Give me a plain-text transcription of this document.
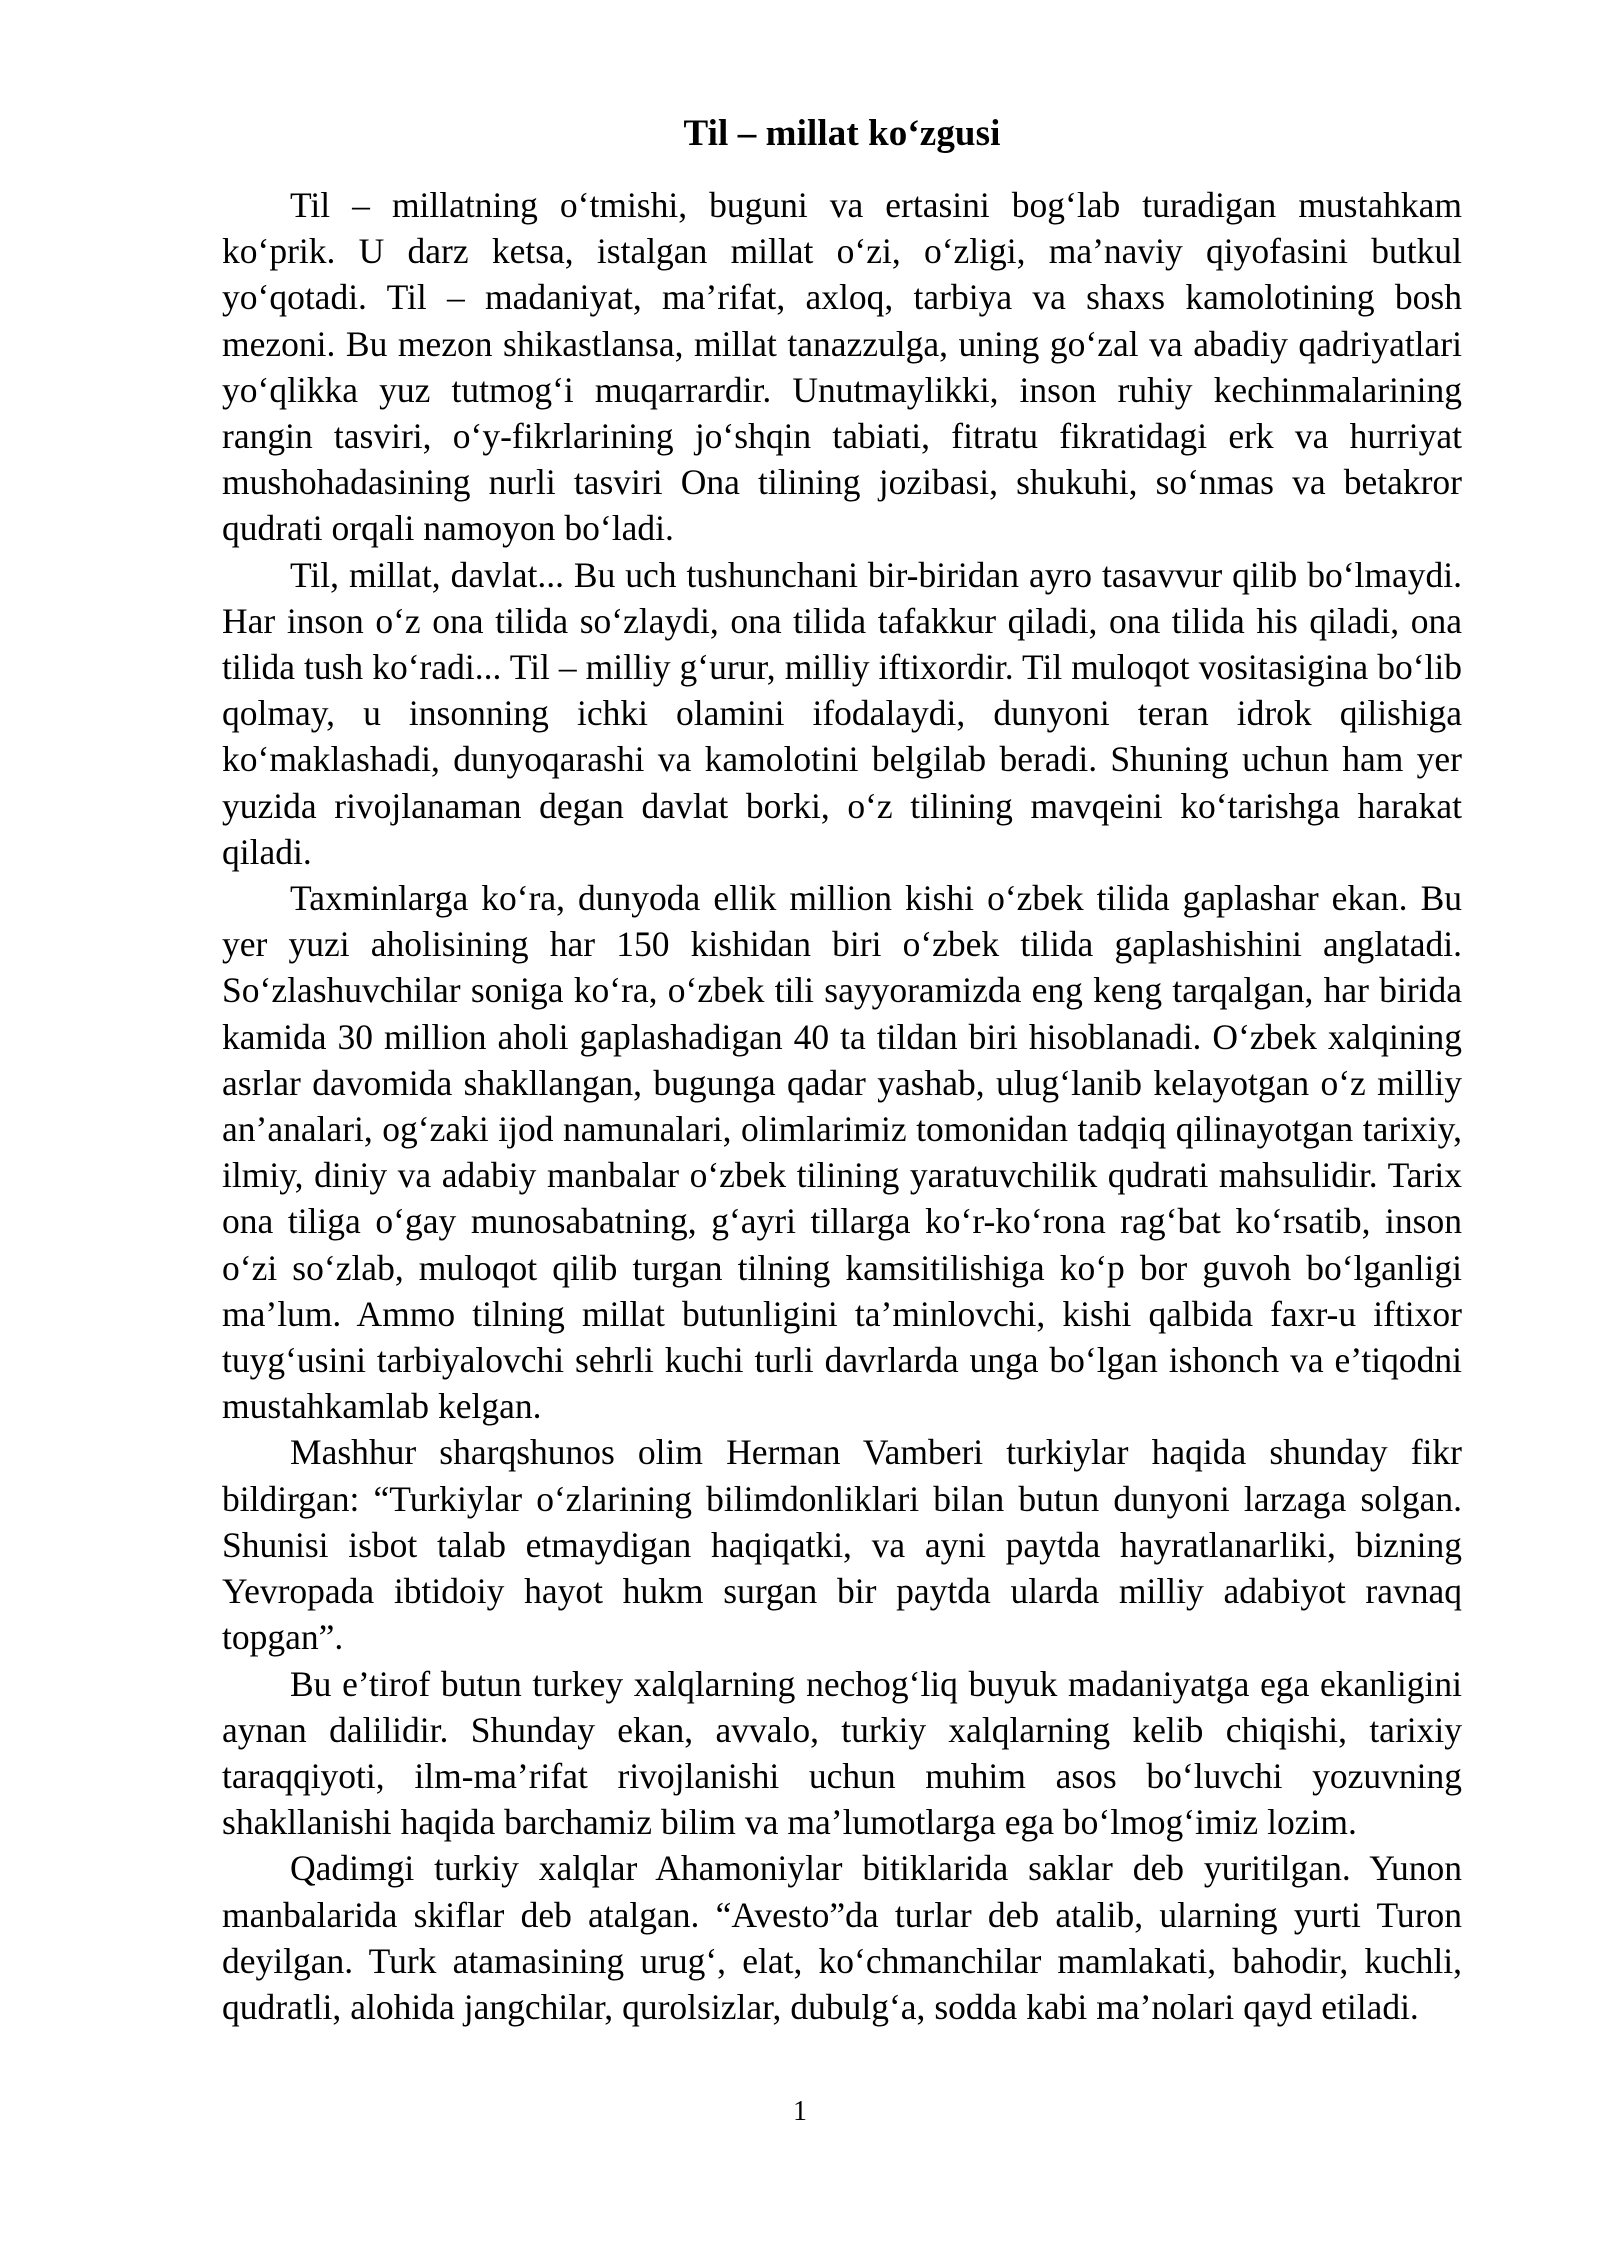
Til – millat ko‘zgusi

Til – millatning o‘tmishi, buguni va ertasini bog‘lab turadigan mustahkam ko‘prik. U darz ketsa, istalgan millat o‘zi, o‘zligi, ma’naviy qiyofasini butkul yo‘qotadi. Til – madaniyat, ma’rifat, axloq, tarbiya va shaxs kamolotining bosh mezoni. Bu mezon shikastlansa, millat tanazzulga, uning go‘zal va abadiy qadriyatlari yo‘qlikka yuz tutmog‘i muqarrardir. Unutmaylikki, inson ruhiy kechinmalarining rangin tasviri, o‘y-fikrlarining jo‘shqin tabiati, fitratu fikratidagi erk va hurriyat mushohadasining nurli tasviri Ona tilining jozibasi, shukuhi, so‘nmas va betakror qudrati orqali namoyon bo‘ladi.

Til, millat, davlat... Bu uch tushunchani bir-biridan ayro tasavvur qilib bo‘lmaydi. Har inson o‘z ona tilida so‘zlaydi, ona tilida tafakkur qiladi, ona tilida his qiladi, ona tilida tush ko‘radi... Til – milliy g‘urur, milliy iftixordir. Til muloqot vositasigina bo‘lib qolmay, u insonning ichki olamini ifodalaydi, dunyoni teran idrok qilishiga ko‘maklashadi, dunyoqarashi va kamolotini belgilab beradi. Shuning uchun ham yer yuzida rivojlanaman degan davlat borki, o‘z tilining mavqeini ko‘tarishga harakat qiladi.

Taxminlarga ko‘ra, dunyoda ellik million kishi o‘zbek tilida gaplashar ekan. Bu yer yuzi aholisining har 150 kishidan biri o‘zbek tilida gaplashishini anglatadi. So‘zlashuvchilar soniga ko‘ra, o‘zbek tili sayyoramizda eng keng tarqalgan, har birida kamida 30 million aholi gaplashadigan 40 ta tildan biri hisoblanadi. O‘zbek xalqining asrlar davomida shakllangan, bugunga qadar yashab, ulug‘lanib kelayotgan o‘z milliy an’analari, og‘zaki ijod namunalari, olimlarimiz tomonidan tadqiq qilinayotgan tarixiy, ilmiy, diniy va adabiy manbalar o‘zbek tilining yaratuvchilik qudrati mahsulidir. Tarix ona tiliga o‘gay munosabatning, g‘ayri tillarga ko‘r-ko‘rona rag‘bat ko‘rsatib, inson o‘zi so‘zlab, muloqot qilib turgan tilning kamsitilishiga ko‘p bor guvoh bo‘lganligi ma’lum. Ammo tilning millat butunligini ta’minlovchi, kishi qalbida faxr-u iftixor tuyg‘usini tarbiyalovchi sehrli kuchi turli davrlarda unga bo‘lgan ishonch va e’tiqodni mustahkamlab kelgan.

Mashhur sharqshunos olim Herman Vamberi turkiylar haqida shunday fikr bildirgan: “Turkiylar o‘zlarining bilimdonliklari bilan butun dunyoni larzaga solgan. Shunisi isbot talab etmaydigan haqiqatki, va ayni paytda hayratlanarliki, bizning Yevropada ibtidoiy hayot hukm surgan bir paytda ularda milliy adabiyot ravnaq topgan”.

Bu e’tirof butun turkey xalqlarning nechog‘liq buyuk madaniyatga ega ekanligini aynan dalilidir. Shunday ekan, avvalo, turkiy xalqlarning kelib chiqishi, tarixiy taraqqiyoti, ilm-ma’rifat rivojlanishi uchun muhim asos bo‘luvchi yozuvning shakllanishi haqida barchamiz bilim va ma’lumotlarga ega bo‘lmog‘imiz lozim.

Qadimgi turkiy xalqlar Ahamoniylar bitiklarida saklar deb yuritilgan. Yunon manbalarida skiflar deb atalgan. “Avesto”da turlar deb atalib, ularning yurti Turon deyilgan. Turk atamasining urug‘, elat, ko‘chmanchilar mamlakati, bahodir, kuchli, qudratli, alohida jangchilar, qurolsizlar, dubulg‘a, sodda kabi ma’nolari qayd etiladi.

1
